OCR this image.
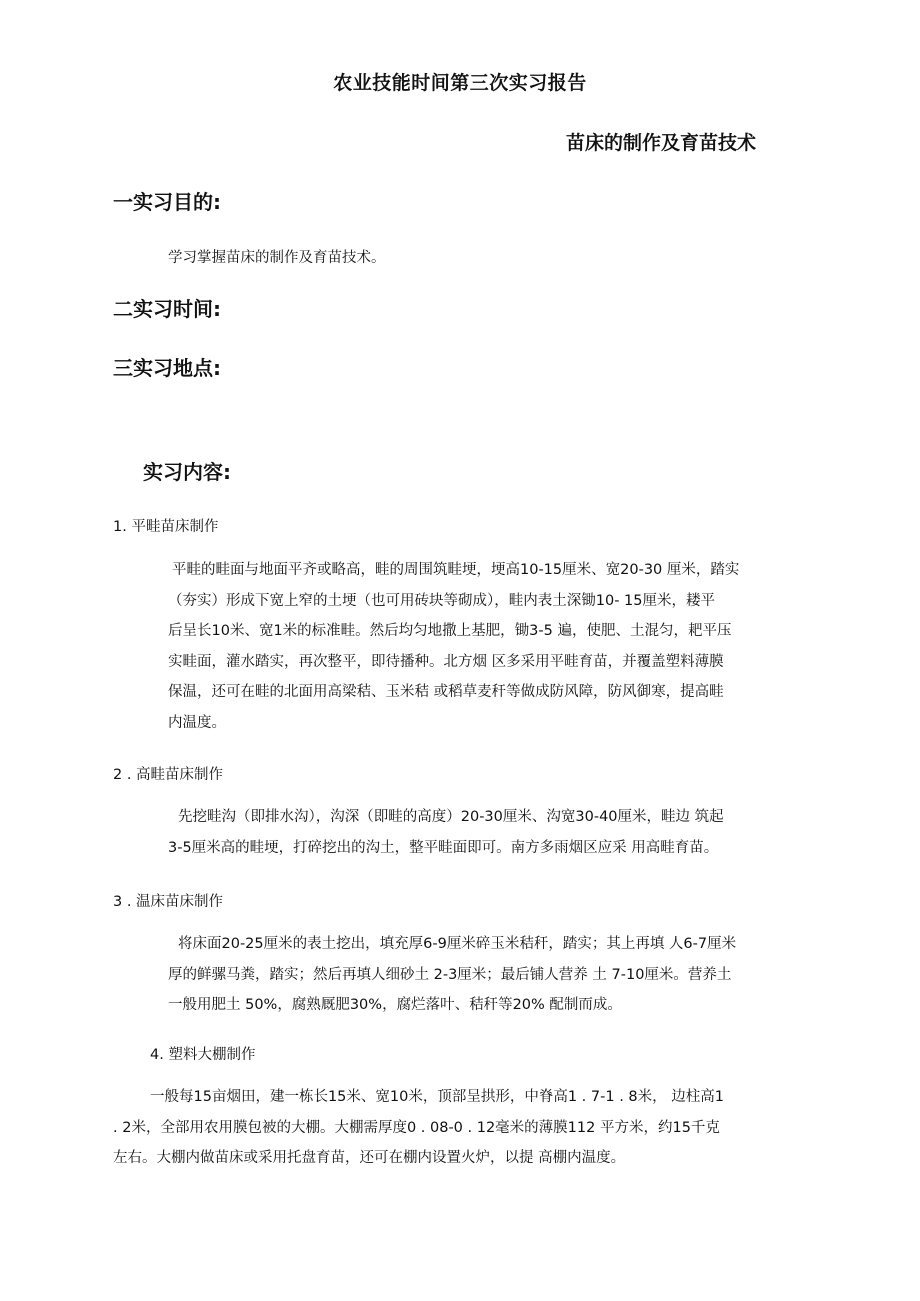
农业技能时间第三次实习报告
苗床的制作及育苗技术
一实习目的:
学习掌握苗床的制作及育苗技术。
二实习时间:
三实习地点:
实习内容:
1. 平畦苗床制作
平畦的畦面与地面平齐或略高，畦的周围筑畦埂，埂高10-15厘米、宽20-30 厘米，踏实
（夯实）形成下宽上窄的土埂（也可用砖块等砌成），畦内表土深锄10- 15厘米，耧平
后呈长10米、宽1米的标准畦。然后均匀地撒上基肥，锄3-5 遍，使肥、土混匀，耙平压
实畦面，灌水踏实，再次整平，即待播种。北方烟 区多采用平畦育苗，并覆盖塑料薄膜
保温，还可在畦的北面用高梁秸、玉米秸 或稻草麦秆等做成防风障，防风御寒，提高畦
内温度。
2 . 高畦苗床制作
先挖畦沟（即排水沟），沟深（即畦的高度）20-30厘米、沟宽30-40厘米，畦边 筑起
3-5厘米高的畦埂，打碎挖出的沟土，整平畦面即可。南方多雨烟区应采 用高畦育苗。
3 . 温床苗床制作
将床面20-25厘米的表土挖出，填充厚6-9厘米碎玉米秸秆，踏实；其上再填 人6-7厘米
厚的鲜骡马粪，踏实；然后再填人细砂土 2-3厘米；最后铺人营养 土 7-10厘米。营养土
一般用肥土 50%，腐熟厩肥30%，腐烂落叶、秸秆等20% 配制而成。
4. 塑料大棚制作
一般每15亩烟田，建一栋长15米、宽10米，顶部呈拱形，中脊高1 . 7-1 . 8米， 边柱高1
. 2米，全部用农用膜包被的大棚。大棚需厚度0 . 08-0 . 12毫米的薄膜112 平方米，约15千克
左右。大棚内做苗床或采用托盘育苗，还可在棚内设置火炉，以提 高棚内温度。
